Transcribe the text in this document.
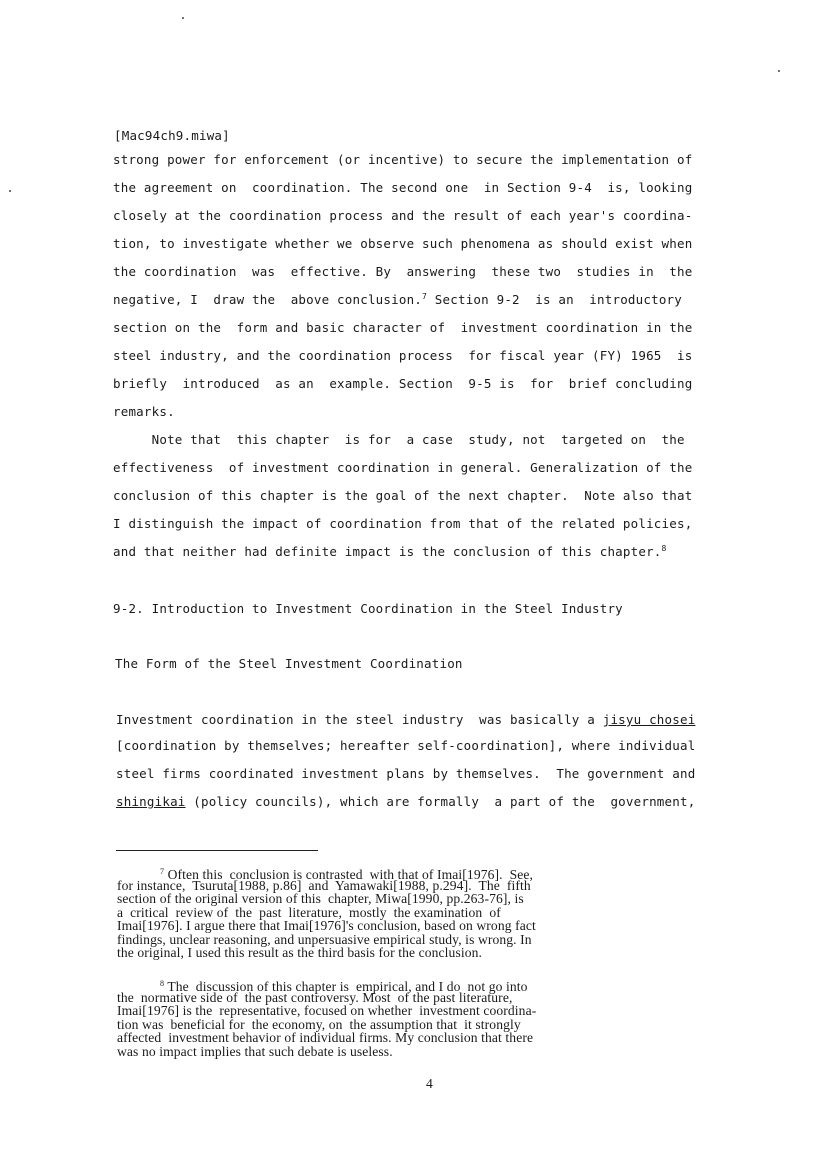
[Mac94ch9.miwa]
strong power for enforcement (or incentive) to secure the implementation of
the agreement on  coordination. The second one  in Section 9-4  is, looking
closely at the coordination process and the result of each year's coordina-
tion, to investigate whether we observe such phenomena as should exist when
the coordination  was  effective. By  answering  these two  studies in  the
negative, I  draw the  above conclusion.$^7$ Section 9-2  is an  introductory
section on the  form and basic character of  investment coordination in the
steel industry, and the coordination process  for fiscal year (FY) 1965  is
briefly  introduced  as an  example. Section  9-5 is  for  brief concluding
remarks.
Note that  this chapter  is for  a case  study, not  targeted on  the
effectiveness  of investment coordination in general. Generalization of the
conclusion of this chapter is the goal of the next chapter.  Note also that
I distinguish the impact of coordination from that of the related policies,
and that neither had definite impact is the conclusion of this chapter.$^8$
9-2. Introduction to Investment Coordination in the Steel Industry
The Form of the Steel Investment Coordination
Investment coordination in the steel industry  was basically a jisyu chosei
[coordination by themselves; hereafter self-coordination], where individual
steel firms coordinated investment plans by themselves.  The government and
shingikai (policy councils), which are formally  a part of the  government,
$^7$ Often this  conclusion is contrasted  with that of Imai[1976].  See,
for instance,  Tsuruta[1988, p.86]  and  Yamawaki[1988, p.294].  The  fifth
section of the original version of this  chapter, Miwa[1990, pp.263-76], is
a  critical  review of  the  past  literature,  mostly  the examination  of
Imai[1976]. I argue there that Imai[1976]'s conclusion, based on wrong fact
findings, unclear reasoning, and unpersuasive empirical study, is wrong. In
the original, I used this result as the third basis for the conclusion.
$^8$ The  discussion of this chapter is  empirical, and I do  not go into
the  normative side of  the past controversy. Most  of the past literature,
Imai[1976] is the  representative, focused on whether  investment coordina-
tion was  beneficial for  the economy, on  the assumption that  it strongly
affected  investment behavior of individual firms. My conclusion that there
was no impact implies that such debate is useless.
4
